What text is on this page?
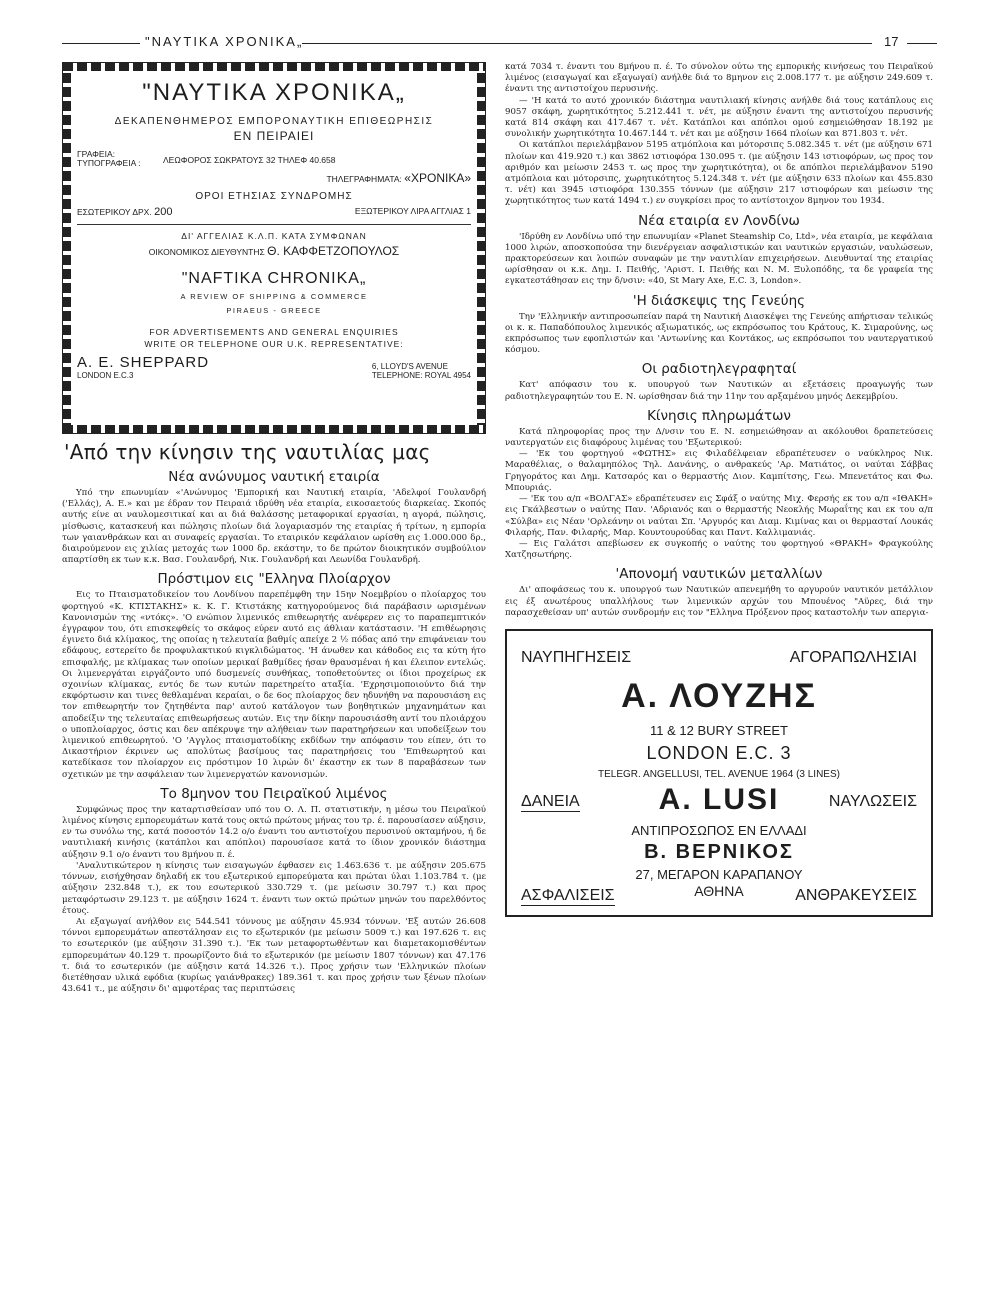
"ΝΑΥΤΙΚΑ ΧΡΟΝΙΚΑ„	17
"ΝΑΥΤΙΚΑ ΧΡΟΝΙΚΑ„
ΔΕΚΑΠΕΝΘΗΜΕΡΟΣ ΕΜΠΟΡΟΝΑΥΤΙΚΗ ΕΠΙΘΕΩΡΗΣΙΣ
ΕΝ ΠΕΙΡΑΙΕΙ
ΓΡΑΦΕΙΑ:
ΤΥΠΟΓΡΑΦΕΙΑ :	ΛΕΩΦΟΡΟΣ ΣΩΚΡΑΤΟΥΣ 32 ΤΗΛΕΦ 40.658
ΤΗΛΕΓΡΑΦΗΜΑΤΑ: «ΧΡΟΝΙΚΑ»
ΟΡΟΙ ΕΤΗΣΙΑΣ ΣΥΝΔΡΟΜΗΣ
ΕΣΩΤΕΡΙΚΟΥ ΔΡΧ. 200	ΕΞΩΤΕΡΙΚΟΥ ΛΙΡΑ ΑΓΓΛΙΑΣ 1
ΔΙ' ΑΓΓΕΛΙΑΣ Κ.Λ.Π. ΚΑΤΑ ΣΥΜΦΩΝΑΝ
ΟΙΚΟΝΟΜΙΚΟΣ ΔΙΕΥΘΥΝΤΗΣ Θ. ΚΑΦΦΕΤΖΟΠΟΥΛΟΣ
"NAFTIKA CHRONIKA„
A REVIEW OF SHIPPING & COMMERCE
PIRAEUS - GREECE
FOR ADVERTISEMENTS AND GENERAL ENQUIRIES
WRITE OR TELEPHONE OUR U.K. REPRESENTATIVE:
A. E. SHEPPARD
LONDON E.C.3
6, LLOYD'S AVENUE
TELEPHONE: ROYAL 4954
'Από την κίνησιν της ναυτιλίας μας
Νέα ανώνυμος ναυτική εταιρία

Υπό την επωνυμίαν «'Ανώνυμος 'Εμπορική και Ναυτική εταιρία, 'Αδελφοί Γουλανδρή ('Ελλάς), Α. Ε.» και με έδραν τον Πειραιά ιδρύθη νέα εταιρία, εικοσαετούς διαρκείας. Σκοπός αυτής είνε αι ναυλομεσιτικαί και αι διά θαλάσσης μεταφορικαί εργασίαι, η αγορά, πώλησις, μίσθωσις, κατασκευή και πώλησις πλοίων διά λογαριασμόν της εταιρίας ή τρίτων, η εμπορία των γαιανθράκων και αι συναφείς εργασίαι. Το εταιρικόν κεφάλαιον ωρίσθη εις 1.000.000 δρ., διαιρούμενον εις χιλίας μετοχάς των 1000 δρ. εκάστην, το δε πρώτον διοικητικόν συμβούλιον απαρτίσθη εκ των κ.κ. Βασ. Γουλανδρή, Νικ. Γουλανδρή και Λεωνίδα Γουλανδρή.

Πρόστιμον εις "Ελληνα Πλοίαρχον

Εις το Πταισματοδικείον του Λονδίνου παρεπέμφθη την 15ην Νοεμβρίου ο πλοίαρχος του φορτηγού «Κ. ΚΤΙΣΤΑΚΗΣ» κ. Κ. Γ. Κτιστάκης κατηγορούμενος διά παράβασιν ωρισμένων Κανονισμών της «ντόκς». 'Ο ενώπιον λιμενικός επιθεωρητής ανέφερεν εις το παραπεμπτικόν έγγραφον του, ότι επισκεφθείς το σκάφος εύρεν αυτό εις άθλιαν κατάστασιν. 'Η επιθέωρησις έγινετο διά κλίμακος, της οποίας η τελευταία βαθμίς απείχε 2 ½ πόδας από την επιφάνειαν του εδάφους, εστερείτο δε προφυλακτικού κιγκλιδώματος. 'Η άνωθεν και κάθοδος εις τα κύτη ήτο επισφαλής, με κλίμακας των οποίων μερικαί βαθμίδες ήσαν θραυσμέναι ή και έλειπον εντελώς. Οι λιμενεργάται ειργάζοντο υπό δυσμενείς συνθήκας, τοποθετούντες οι ίδιοι προχείρως εκ σχοινίων κλίμακας, εντός δε των κυτών παρετηρείτο αταξία. 'Εχρησιμοποιούντο διά την εκφόρτωσιν και τινες θεθλαμέναι κεραίαι, ο δε 6ος πλοίαρχος δεν ηδυνήθη να παρουσιάση εις τον επιθεωρητήν τον ζητηθέντα παρ' αυτού κατάλογον των βοηθητικών μηχανημάτων και αποδείξιν της τελευταίας επιθεωρήσεως αυτών. Εις την δίκην παρουσιάσθη αντί του πλοιάρχου ο υποπλοίαρχος, όστις και δεν απέκρυψε την αλήθειαν των παρατηρήσεων και υποδείξεων του λιμενικού επιθεωρητού. 'Ο 'Αγγλος πταισματοδίκης εκδίδων την απόφασιν του είπεν, ότι το Δικαστήριον έκρινεν ως απολύτως βασίμους τας παρατηρήσεις του 'Επιθεωρητού και κατεδίκασε τον πλοίαρχον εις πρόστιμον 10 λιρών δι' έκαστην εκ των 8 παραβάσεων των σχετικών με την ασφάλειαν των λιμενεργατών κανονισμών.

Το 8μηνον του Πειραϊκού λιμένος

Συμφώνως προς την καταρτισθείσαν υπό του Ο. Λ. Π. στατιστικήν, η μέσω του Πειραϊκού λιμένος κίνησις εμπορευμάτων κατά τους οκτώ πρώτους μήνας του τρ. έ. παρουσίασεν αύξησιν, εν τω συνόλω της, κατά ποσοστόν 14.2 ο/ο έναντι του αντιστοίχου περυσινού οκταμήνου, ή δε ναυτιλιακή κινήσις (κατάπλοι και απόπλοι) παρουσίασε κατά το ίδιον χρονικόν διάστημα αύξησιν 9.1 ο/ο έναντι του 8μήνου π. έ.

'Αναλυτικώτερον η κίνησις των εισαγωγών έφθασεν εις 1.463.636 τ. με αύξησιν 205.675 τόννων, εισήχθησαν δηλαδή εκ του εξωτερικού εμπορεύματα και πρώται ύλαι 1.103.784 τ. (με αύξησιν 232.848 τ.), εκ του εσωτερικού 330.729 τ. (με μείωσιν 30.797 τ.) και προς μεταφόρτωσιν 29.123 τ. με αύξησιν 1624 τ. έναντι των οκτώ πρώτων μηνών του παρελθόντος έτους.

Αι εξαγωγαί ανήλθον εις 544.541 τόννους με αύξησιν 45.934 τόννων. 'Εξ αυτών 26.608 τόννοι εμπορευμάτων απεστάλησαν εις το εξωτερικόν (με μείωσιν 5009 τ.) και 197.626 τ. εις το εσωτερικόν (με αύξησιν 31.390 τ.). 'Εκ των μεταφορτωθέντων και διαμετακομισθέντων εμπορευμάτων 40.129 τ. προωρίζοντο διά το εξωτερικόν (με μείωσιν 1807 τόννων) και 47.176 τ. διά το εσωτερικόν (με αύξησιν κατά 14.326 τ.). Προς χρήσιν των 'Ελληνικών πλοίων διετέθησαν υλικά εφόδια (κυρίως γαιάνθρακες) 189.361 τ. και προς χρήσιν των ξένων πλοίων 43.641 τ., με αύξησιν δι' αμφοτέρας τας περιπτώσεις

κατά 7034 τ. έναντι του 8μήνου π. έ. Το σύνολον ούτω της εμπορικής κινήσεως του Πειραϊκού λιμένος (εισαγωγαί και εξαγωγαί) ανήλθε διά το 8μηνον εις 2.008.177 τ. με αύξησιν 249.609 τ. έναντι της αντιστοίχου περυσινής.

— 'Η κατά το αυτό χρονικόν διάστημα ναυτιλιακή κίνησις ανήλθε διά τους κατάπλους εις 9057 σκάφη, χωρητικότητος 5.212.441 τ. νέτ, με αύξησιν έναντι της αντιστοίχου περυσινής κατά 814 σκάφη και 417.467 τ. νέτ. Κατάπλοι και απόπλοι ομού εσημειώθησαν 18.192 με συνολικήν χωρητικότητα 10.467.144 τ. νέτ και με αύξησιν 1664 πλοίων και 871.803 τ. νέτ.

Οι κατάπλοι περιελάμβανον 5195 ατμόπλοια και μότορσιπς 5.082.345 τ. νέτ (με αύξησιν 671 πλοίων και 419.920 τ.) και 3862 ιστιοφόρα 130.095 τ. (με αύξησιν 143 ιστιοφόρων, ως προς τον αριθμόν και μείωσιν 2453 τ. ως προς την χωρητικότητα), οι δε απόπλοι περιελάμβανον 5190 ατμόπλοια και μότορσιπς, χωρητικότητος 5.124.348 τ. νέτ (με αύξησιν 633 πλοίων και 455.830 τ. νέτ) και 3945 ιστιοφόρα 130.355 τόννων (με αύξησιν 217 ιστιοφόρων και μείωσιν της χωρητικότητος των κατά 1494 τ.) εν συγκρίσει προς το αντίστοιχον 8μηνον του 1934.

Νέα εταιρία εν Λονδίνω

'Ιδρύθη εν Λονδίνω υπό την επωνυμίαν «Planet Steamship Co, Ltd», νέα εταιρία, με κεφάλαια 1000 λιρών, αποσκοπούσα την διενέργειαν ασφαλιστικών και ναυτικών εργασιών, ναυλώσεων, πρακτορεύσεων και λοιπών συναφών με την ναυτιλίαν επιχειρήσεων. Διευθυνταί της εταιρίας ωρίσθησαν οι κ.κ. Δημ. Ι. Πειθής, 'Αριστ. Ι. Πειθής και Ν. Μ. Ξυλοπόδης, τα δε γραφεία της εγκατεστάθησαν εις την δ/νσιν: «40, St Mary Axe, E.C. 3, London».

'Η διάσκεψις της Γενεύης

Την 'Ελληνικήν αντιπροσωπείαν παρά τη Ναυτική Διασκέψει της Γενεύης απήρτισαν τελικώς οι κ. κ. Παπαδόπουλος λιμενικός αξιωματικός, ως εκπρόσωπος του Κράτους, Κ. Σιμαρούνης, ως εκπρόσωπος των εφοπλιστών και 'Αντωνίνης και Κοντάκος, ως εκπρόσωποι του ναυτεργατικού κόσμου.

Οι ραδιοτηλεγραφηταί

Κατ' απόφασιν του κ. υπουργού των Ναυτικών αι εξετάσεις προαγωγής των ραδιοτηλεγραφητών του Ε. Ν. ωρίσθησαν διά την 11ην του αρξαμένου μηνός Δεκεμβρίου.

Κίνησις πληρωμάτων

Κατά πληροφορίας προς την Δ/νσιν του Ε. Ν. εσημειώθησαν αι ακόλουθοι δραπετεύσεις ναυτεργατών εις διαφόρους λιμένας του 'Εξωτερικού:

— 'Εκ του φορτηγού «ΦΩΤΗΣ» εις Φιλαδέλφειαν εδραπέτευσεν ο ναύκληρος Νικ. Μαραθέλιας, ο θαλαμηπόλος Τηλ. Δανάνης, ο ανθρακεύς 'Αρ. Ματιάτος, οι ναύται Σάββας Γρηγοράτος και Δημ. Κατσαρός και ο θερμαστής Διον. Καμπίτσης, Γεω. Μπενετάτος και Φω. Μπουριάς.

— 'Εκ του α/π «ΒΟΛΓΑΣ» εδραπέτευσεν εις Σφάξ ο ναύτης Μιχ. Φερσής εκ του α/π «ΙΘΑΚΗ» εις Γκάλβεστων ο ναύτης Παν. 'Αδριανός και ο θερμαστής Νεοκλής Μωραΐτης και εκ του α/π «Σύλβα» εις Νέαν 'Ορλεάνην οι ναύται Σπ. 'Αργυρός και Διαμ. Κιμίνας και οι θερμασταί Λουκάς Φιλαρής, Παν. Φιλαρής, Μαρ. Κουντουρούδας και Παντ. Καλλιμανιάς.

— Εις Γαλάτσι απεβίωσεν εκ συγκοπής ο ναύτης του φορτηγού «ΘΡΑΚΗ» Φραγκούλης Χατζησωτήρης.

'Απονομή ναυτικών μεταλλίων

Δι' αποφάσεως του κ. υπουργού των Ναυτικών απενεμήθη το αργυρούν ναυτικόν μετάλλιον εις έξ ανωτέρους υπαλλήλους των λιμενικών αρχών του Μπουένος "Αϋρες, διά την παρασχεθείσαν υπ' αυτών συνδρομήν εις τον "Ελληνα Πρόξενον προς καταστολήν των απεργια-

ΝΑΥΠΗΓΗΣΕΙΣ	ΑΓΟΡΑΠΩΛΗΣΙΑΙ
Α. ΛΟΥΖΗΣ
11 & 12 BURY STREET
LONDON E.C. 3
TELEGR. ANGELLUSI, TEL. AVENUE 1964 (3 LINES)
ΔΑΝΕΙΑ	A. LUSI	ΝΑΥΛΩΣΕΙΣ
ΑΝΤΙΠΡΟΣΩΠΟΣ ΕΝ ΕΛΛΑΔΙ
Β. ΒΕΡΝΙΚΟΣ
27, ΜΕΓΑΡΟΝ ΚΑΡΑΠΑΝΟΥ
ΑΘΗΝΑ
ΑΣΦΑΛΙΣΕΙΣ	ΑΝΘΡΑΚΕΥΣΕΙΣ
